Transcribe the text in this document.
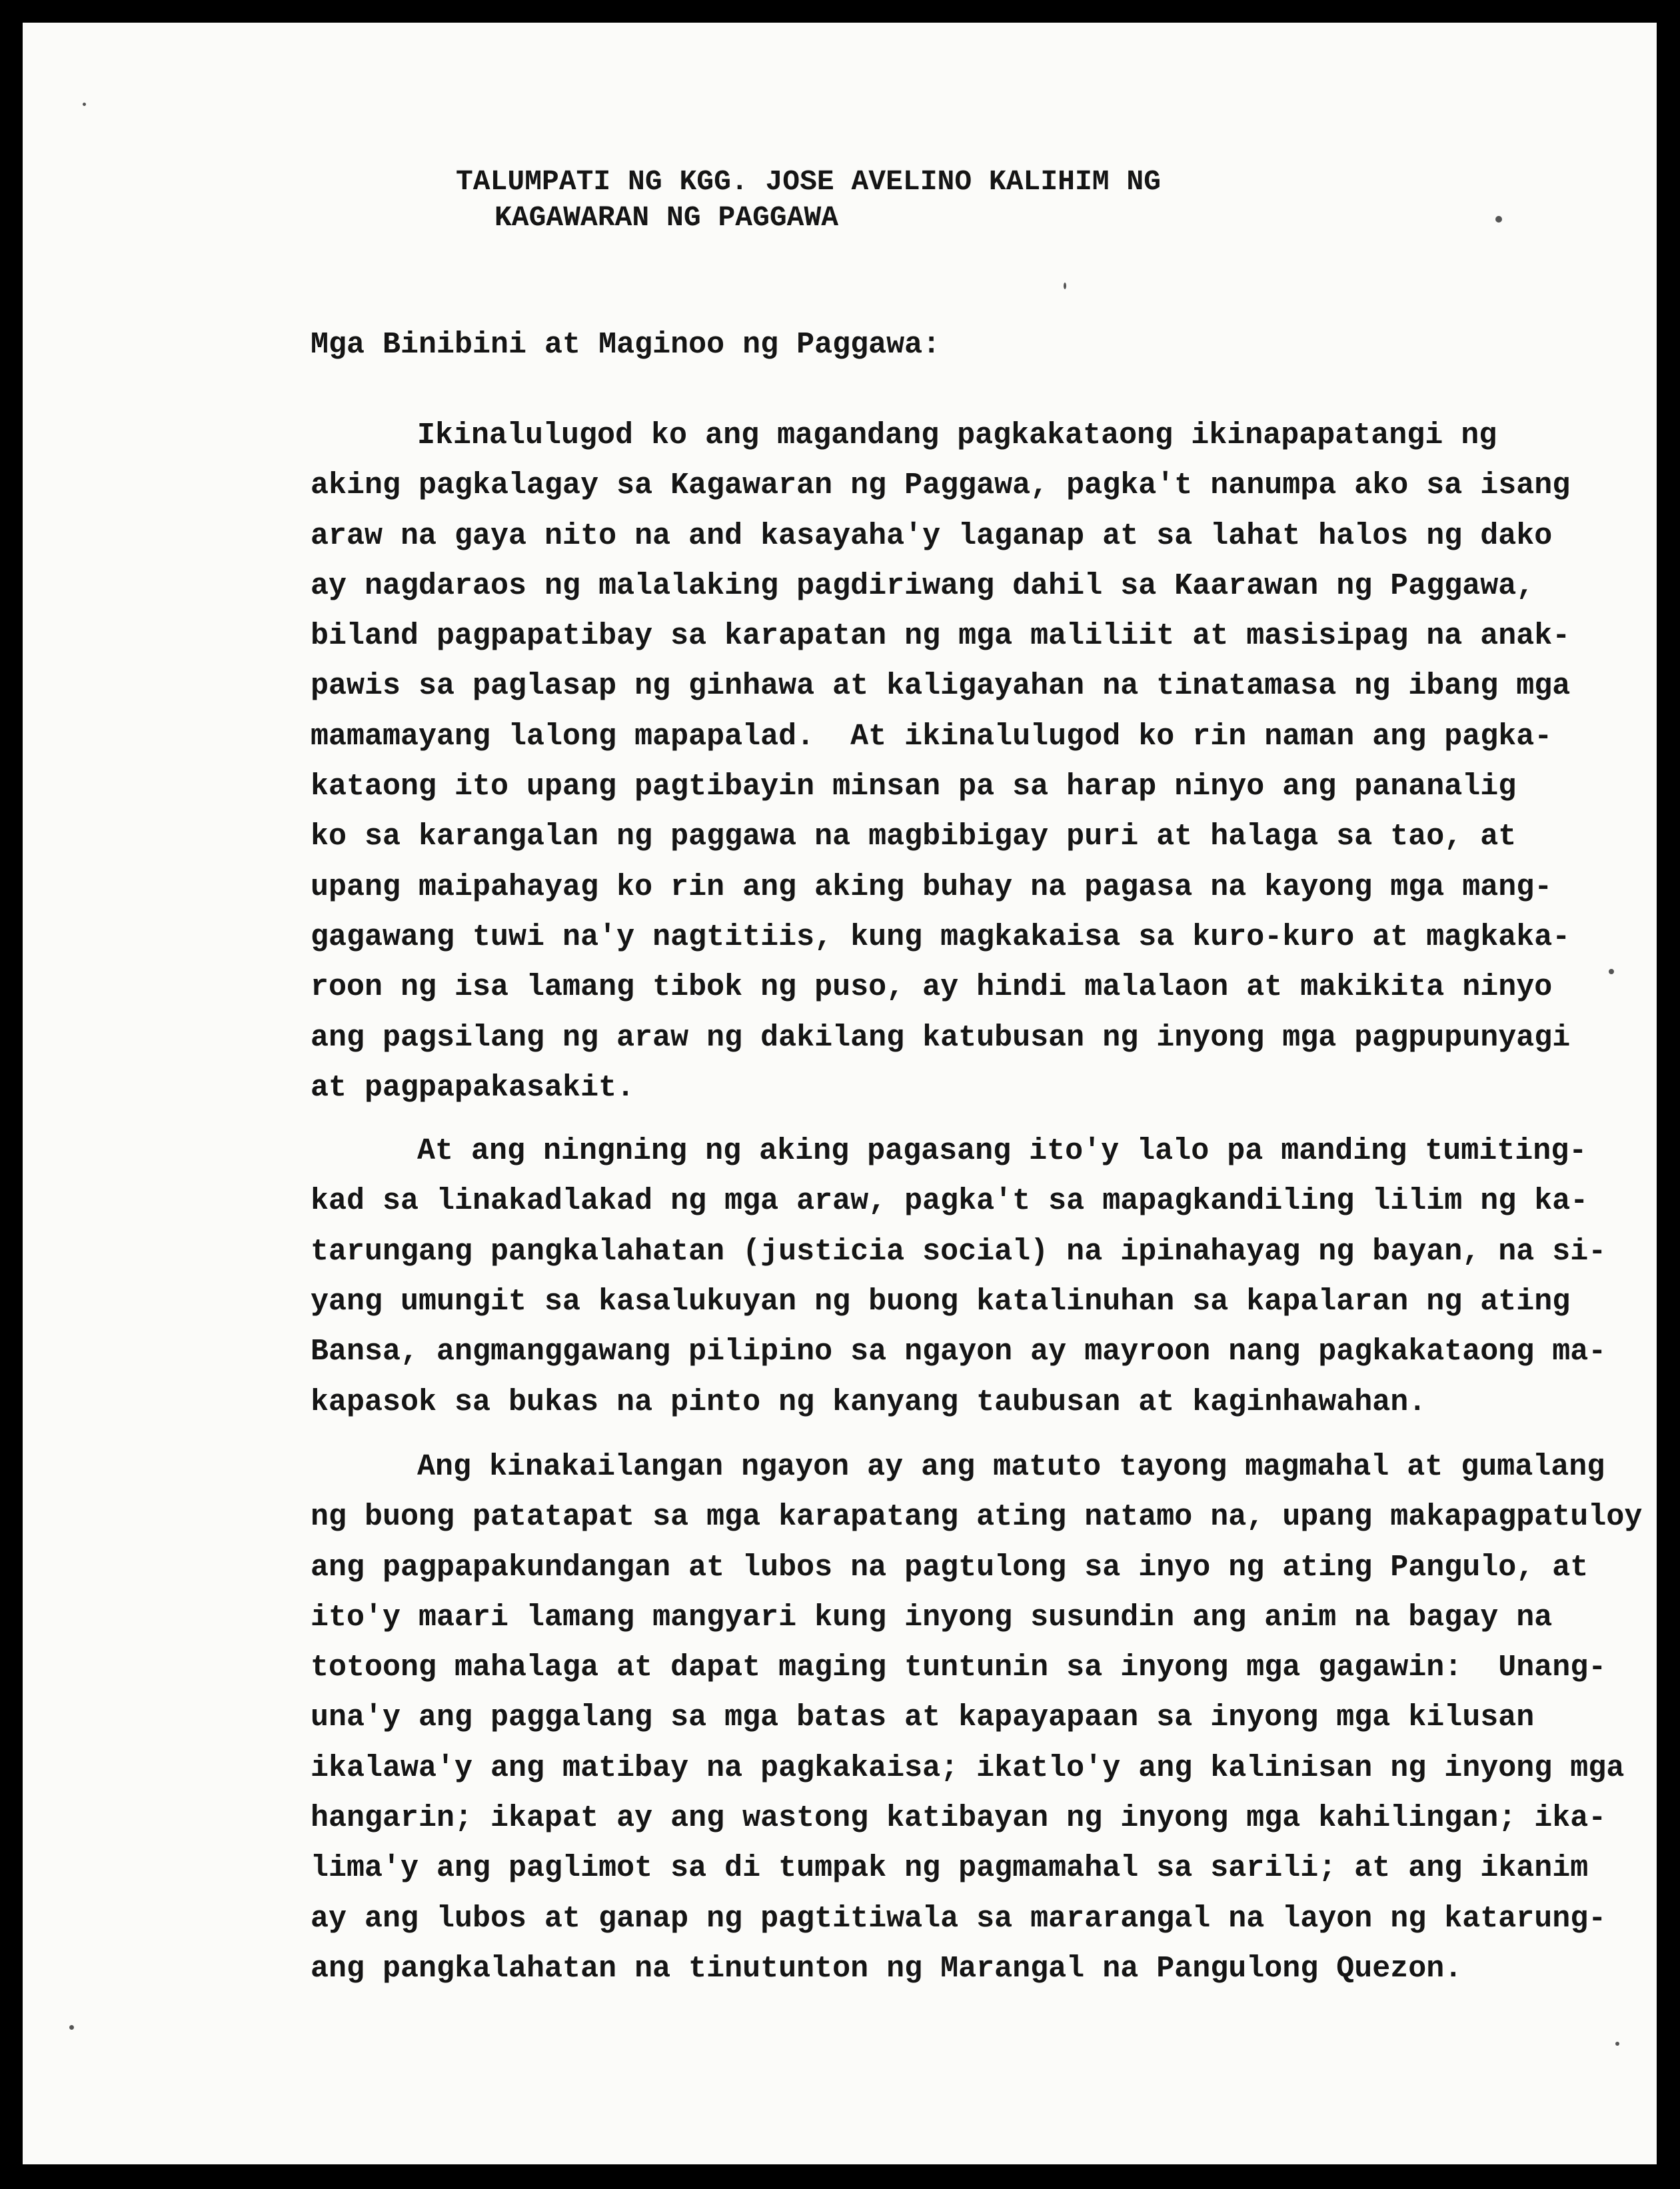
TALUMPATI NG KGG. JOSE AVELINO KALIHIM NG
KAGAWARAN NG PAGGAWA
Mga Binibini at Maginoo ng Paggawa:
Ikinalulugod ko ang magandang pagkakataong ikinapapatangi ng
aking pagkalagay sa Kagawaran ng Paggawa, pagka't nanumpa ako sa isang
araw na gaya nito na and kasayaha'y laganap at sa lahat halos ng dako
ay nagdaraos ng malalaking pagdiriwang dahil sa Kaarawan ng Paggawa,
biland pagpapatibay sa karapatan ng mga maliliit at masisipag na anak-
pawis sa paglasap ng ginhawa at kaligayahan na tinatamasa ng ibang mga
mamamayang lalong mapapalad.  At ikinalulugod ko rin naman ang pagka-
kataong ito upang pagtibayin minsan pa sa harap ninyo ang pananalig
ko sa karangalan ng paggawa na magbibigay puri at halaga sa tao, at
upang maipahayag ko rin ang aking buhay na pagasa na kayong mga mang-
gagawang tuwi na'y nagtitiis, kung magkakaisa sa kuro-kuro at magkaka-
roon ng isa lamang tibok ng puso, ay hindi malalaon at makikita ninyo
ang pagsilang ng araw ng dakilang katubusan ng inyong mga pagpupunyagi
at pagpapakasakit.
At ang ningning ng aking pagasang ito'y lalo pa manding tumiting-
kad sa linakadlakad ng mga araw, pagka't sa mapagkandiling lilim ng ka-
tarungang pangkalahatan (justicia social) na ipinahayag ng bayan, na si-
yang umungit sa kasalukuyan ng buong katalinuhan sa kapalaran ng ating
Bansa, angmanggawang pilipino sa ngayon ay mayroon nang pagkakataong ma-
kapasok sa bukas na pinto ng kanyang taubusan at kaginhawahan.
Ang kinakailangan ngayon ay ang matuto tayong magmahal at gumalang
ng buong patatapat sa mga karapatang ating natamo na, upang makapagpatuloy
ang pagpapakundangan at lubos na pagtulong sa inyo ng ating Pangulo, at
ito'y maari lamang mangyari kung inyong susundin ang anim na bagay na
totoong mahalaga at dapat maging tuntunin sa inyong mga gagawin:  Unang-
una'y ang paggalang sa mga batas at kapayapaan sa inyong mga kilusan
ikalawa'y ang matibay na pagkakaisa; ikatlo'y ang kalinisan ng inyong mga
hangarin; ikapat ay ang wastong katibayan ng inyong mga kahilingan; ika-
lima'y ang paglimot sa di tumpak ng pagmamahal sa sarili; at ang ikanim
ay ang lubos at ganap ng pagtitiwala sa mararangal na layon ng katarung-
ang pangkalahatan na tinutunton ng Marangal na Pangulong Quezon.
